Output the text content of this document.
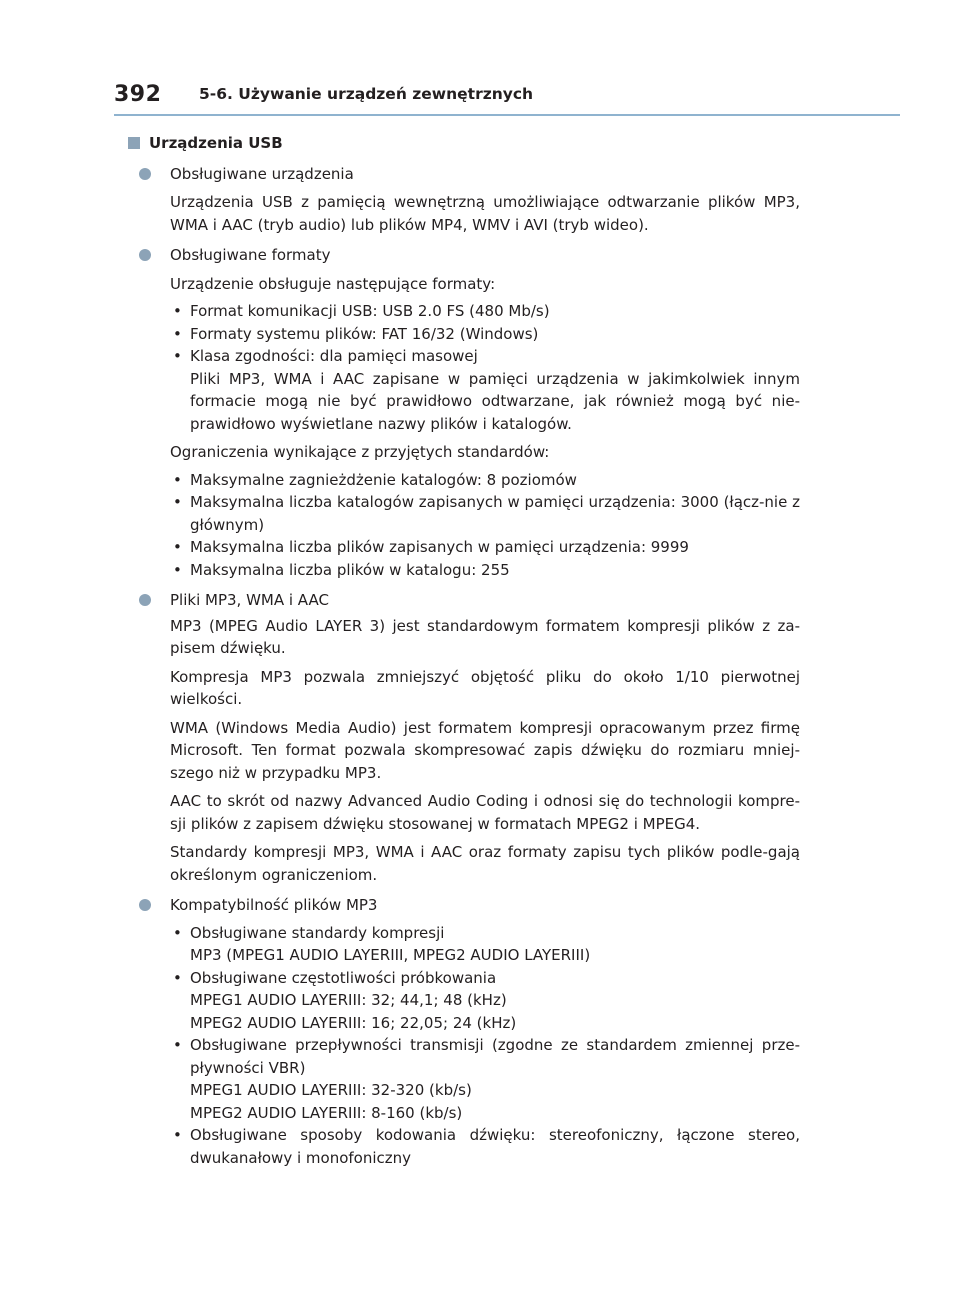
392 5-6. Używanie urządzeń zewnętrznych
Urządzenia USB
Obsługiwane urządzenia
Urządzenia USB z pamięcią wewnętrzną umożliwiające odtwarzanie plików MP3, WMA i AAC (tryb audio) lub plików MP4, WMV i AVI (tryb wideo).
Obsługiwane formaty
Urządzenie obsługuje następujące formaty:
• Format komunikacji USB: USB 2.0 FS (480 Mb/s)
• Formaty systemu plików: FAT 16/32 (Windows)
• Klasa zgodności: dla pamięci masowej
Pliki MP3, WMA i AAC zapisane w pamięci urządzenia w jakimkolwiek innym formacie mogą nie być prawidłowo odtwarzane, jak również mogą być nie-prawidłowo wyświetlane nazwy plików i katalogów.
Ograniczenia wynikające z przyjętych standardów:
• Maksymalne zagnieżdżenie katalogów: 8 poziomów
• Maksymalna liczba katalogów zapisanych w pamięci urządzenia: 3000 (łącz-nie z głównym)
• Maksymalna liczba plików zapisanych w pamięci urządzenia: 9999
• Maksymalna liczba plików w katalogu: 255
Pliki MP3, WMA i AAC
MP3 (MPEG Audio LAYER 3) jest standardowym formatem kompresji plików z za-pisem dźwięku.
Kompresja MP3 pozwala zmniejszyć objętość pliku do około 1/10 pierwotnej wielkości.
WMA (Windows Media Audio) jest formatem kompresji opracowanym przez firmę Microsoft. Ten format pozwala skompresować zapis dźwięku do rozmiaru mniej-szego niż w przypadku MP3.
AAC to skrót od nazwy Advanced Audio Coding i odnosi się do technologii kompre-sji plików z zapisem dźwięku stosowanej w formatach MPEG2 i MPEG4.
Standardy kompresji MP3, WMA i AAC oraz formaty zapisu tych plików podle-gają określonym ograniczeniom.
Kompatybilność plików MP3
• Obsługiwane standardy kompresji
MP3 (MPEG1 AUDIO LAYERIII, MPEG2 AUDIO LAYERIII)
• Obsługiwane częstotliwości próbkowania
MPEG1 AUDIO LAYERIII: 32; 44,1; 48 (kHz)
MPEG2 AUDIO LAYERIII: 16; 22,05; 24 (kHz)
• Obsługiwane przepływności transmisji (zgodne ze standardem zmiennej prze-pływności VBR)
MPEG1 AUDIO LAYERIII: 32-320 (kb/s)
MPEG2 AUDIO LAYERIII: 8-160 (kb/s)
• Obsługiwane sposoby kodowania dźwięku: stereofoniczny, łączone stereo, dwukanałowy i monofoniczny
